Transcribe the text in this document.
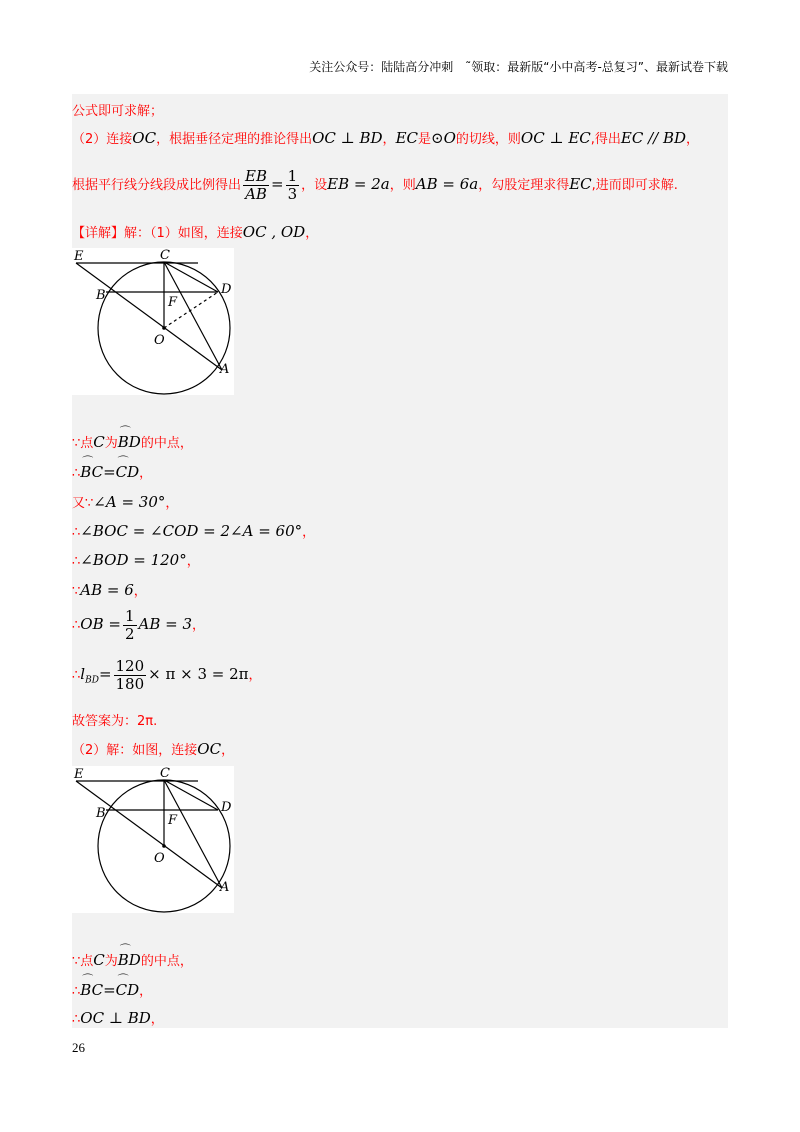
关注公众号：陆陆高分冲刺　˜领取：最新版“小中高考-总复习”、最新试卷下载
公式即可求解；
（2）连接OC，根据垂径定理的推论得出OC ⊥ BD，EC是⊙O的切线，则OC ⊥ EC,得出EC // BD，
根据平行线分线段成比例得出 $\frac{EB}{AB} = \frac{1}{3}$ ，设EB = 2a，则AB = 6a，勾股定理求得EC,进而即可求解.
【详解】解：（1）如图，连接OC , OD，
E	C
B	D
F
O
A
∵点C为⌒ BD的中点，
∴⌒ BC=⌒ CD，
又∵∠A = 30°，
∴∠BOC = ∠COD = 2∠A = 60°，
∴∠BOD = 120°，
∵AB = 6，
∴OB = $\frac{1}{2}$ AB = 3，
$\therefore l_{BD}= \frac{120}{180} \times \pi \times 3 = 2\pi$，
故答案为：2π.
（2）解：如图，连接OC，
E	C
B	D
F
O
A
∵点C为⌒ BD的中点，
∴⌒ BC=⌒ CD，
∴OC ⊥ BD，
26
